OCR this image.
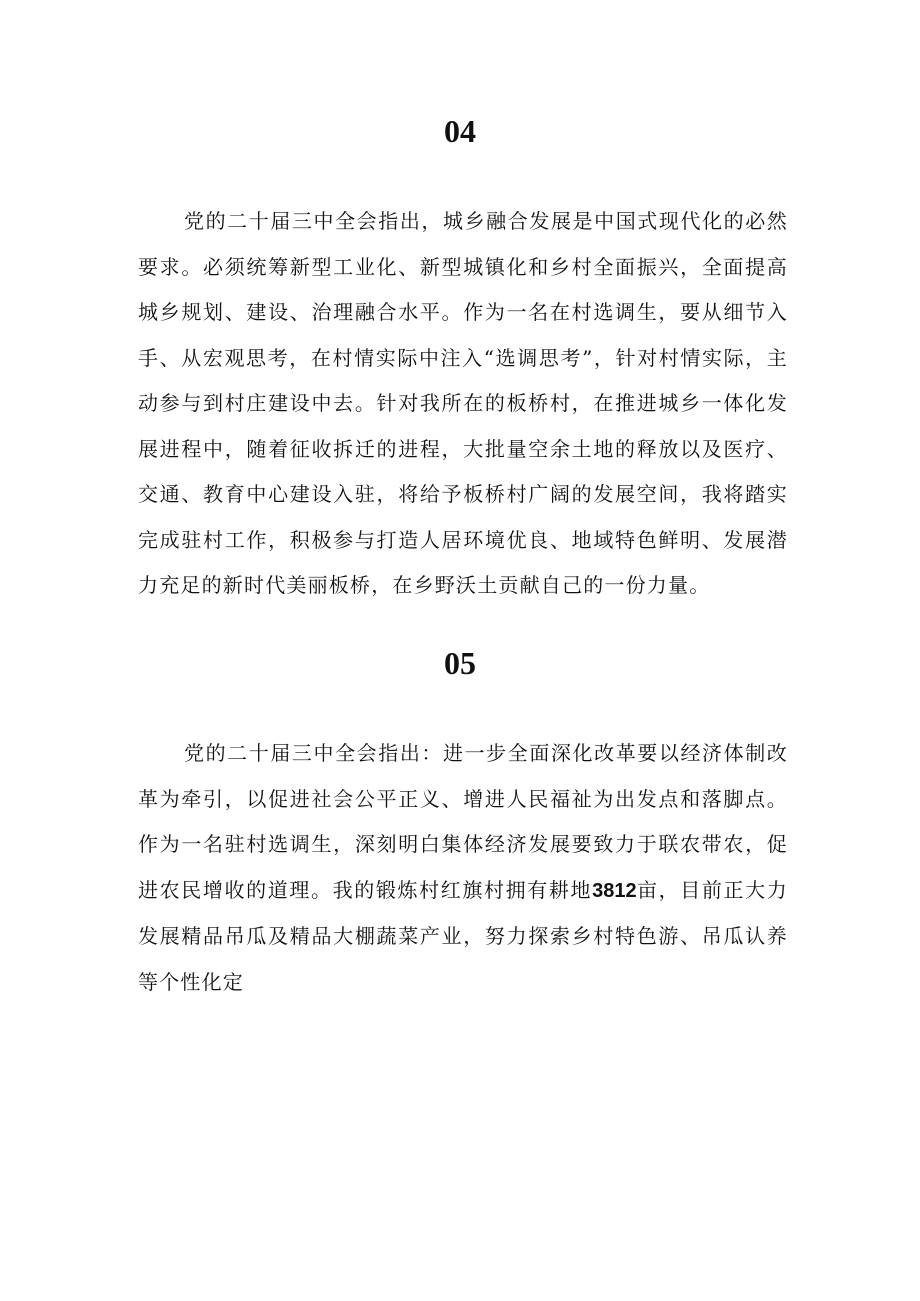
04

党的二十届三中全会指出，城乡融合发展是中国式现代化的必然要求。必须统筹新型工业化、新型城镇化和乡村全面振兴，全面提高城乡规划、建设、治理融合水平。作为一名在村选调生，要从细节入手、从宏观思考，在村情实际中注入“选调思考”，针对村情实际，主动参与到村庄建设中去。针对我所在的板桥村，在推进城乡一体化发展进程中，随着征收拆迁的进程，大批量空余土地的释放以及医疗、交通、教育中心建设入驻，将给予板桥村广阔的发展空间，我将踏实完成驻村工作，积极参与打造人居环境优良、地域特色鲜明、发展潜力充足的新时代美丽板桥，在乡野沃土贡献自己的一份力量。

05

党的二十届三中全会指出：进一步全面深化改革要以经济体制改革为牵引，以促进社会公平正义、增进人民福祉为出发点和落脚点。作为一名驻村选调生，深刻明白集体经济发展要致力于联农带农，促进农民增收的道理。我的锻炼村红旗村拥有耕地3812亩，目前正大力发展精品吊瓜及精品大棚蔬菜产业，努力探索乡村特色游、吊瓜认养等个性化定
